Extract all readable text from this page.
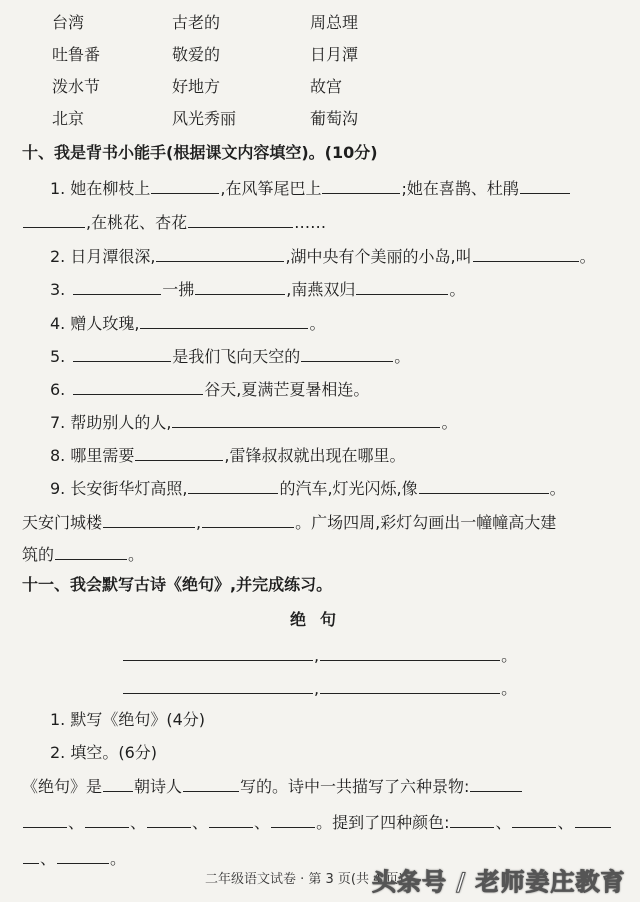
台湾	古老的	周总理
吐鲁番	敬爱的	日月潭
泼水节	好地方	故宫
北京	风光秀丽	葡萄沟
十、我是背书小能手(根据课文内容填空)。(10分)
1. 她在柳枝上	,在风筝尾巴上	;她在喜鹊、杜鹃
,在桃花、杏花	……
2. 日月潭很深,	,湖中央有个美丽的小岛,叫	。
3.	一拂	,南燕双归	。
4. 赠人玫瑰,	。
5.	是我们飞向天空的	。
6.	谷天,夏满芒夏暑相连。
7. 帮助别人的人,	。
8. 哪里需要	,雷锋叔叔就出现在哪里。
9. 长安街华灯高照,	的汽车,灯光闪烁,像	。
天安门城楼	,	。广场四周,彩灯勾画出一幢幢高大建
筑的	。
十一、我会默写古诗《绝句》,并完成练习。
绝句
,	。
,	。
1. 默写《绝句》(4分)
2. 填空。(6分)
《绝句》是 朝诗人	写的。诗中一共描写了六种景物:
、	、	、	、	。提到了四种颜色:	、	、
、	。
二年级语文试卷 · 第 3 页(共 4 页)
头条号 / 老师姜庄教育
